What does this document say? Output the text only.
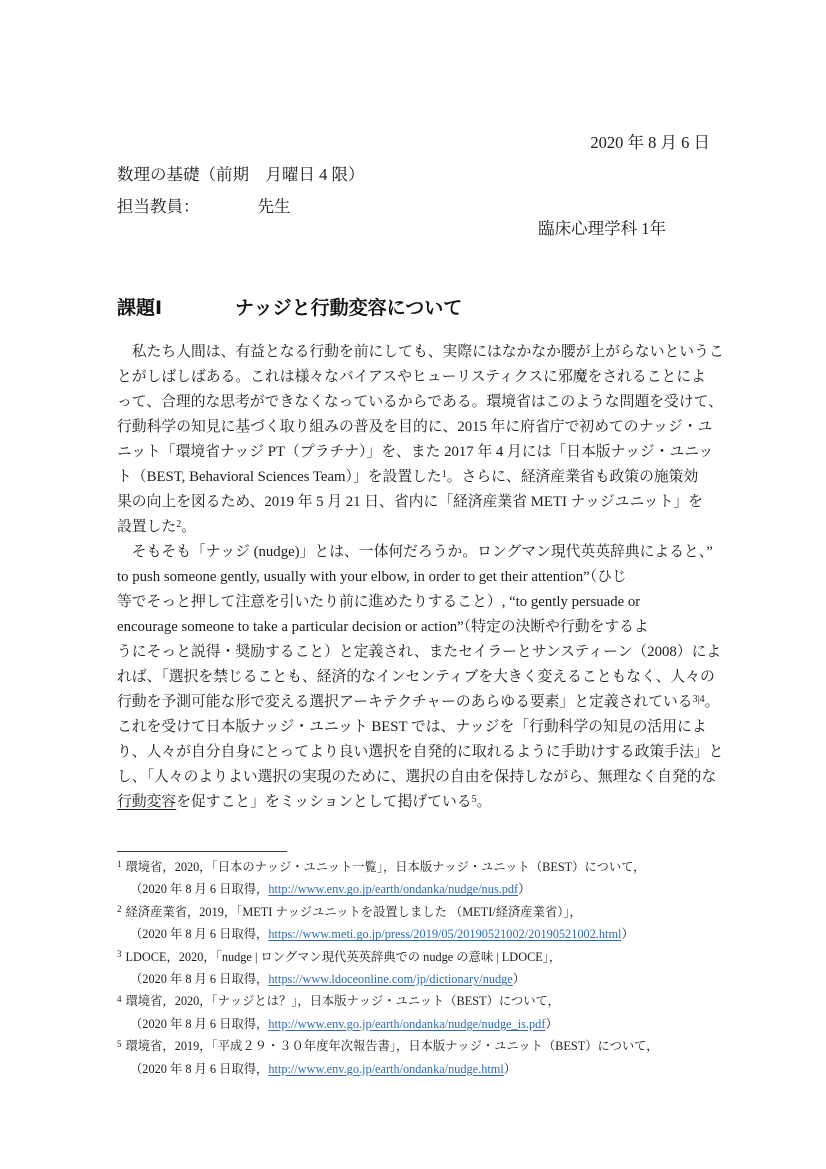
2020 年 8 月 6 日
数理の基礎（前期　月曜日 4 限）
担当教員：	先生
臨床心理学科 1年
課題Ⅰ	ナッジと行動変容について
　私たち人間は、有益となる行動を前にしても、実際にはなかなか腰が上がらないというこ
とがしばしばある。これは様々なバイアスやヒューリスティクスに邪魔をされることによ
って、合理的な思考ができなくなっているからである。環境省はこのような問題を受けて、
行動科学の知見に基づく取り組みの普及を目的に、2015 年に府省庁で初めてのナッジ・ユ
ニット「環境省ナッジ PT（プラチナ）」を、また 2017 年 4 月には「日本版ナッジ・ユニッ
ト（BEST, Behavioral Sciences Team）」を設置した$^1$。さらに、経済産業省も政策の施策効
果の向上を図るため、2019 年 5 月 21 日、省内に「経済産業省 METI ナッジユニット」を
設置した$^2$。
　そもそも「ナッジ (nudge)」とは、一体何だろうか。ロングマン現代英英辞典によると、”
to push someone gently, usually with your elbow, in order to get their attention”（ひじ
等でそっと押して注意を引いたり前に進めたりすること）, “to gently persuade or
encourage someone to take a particular decision or action”（特定の決断や行動をするよ
うにそっと説得・奨励すること）と定義され、またセイラーとサンスティーン（2008）によ
れば、「選択を禁じることも、経済的なインセンティブを大きく変えることもなく、人々の
行動を予測可能な形で変える選択アーキテクチャーのあらゆる要素」と定義されている$^{3|4}$。
これを受けて日本版ナッジ・ユニット BEST では、ナッジを「行動科学の知見の活用によ
り、人々が自分自身にとってより良い選択を自発的に取れるように手助けする政策手法」と
し、「人々のよりよい選択の実現のために、選択の自由を保持しながら、無理なく自発的な
行動変容を促すこと」をミッションとして掲げている$^5$。
$^1$ 環境省，2020，「日本のナッジ・ユニット一覧」，日本版ナッジ・ユニット（BEST）について，
（2020 年 8 月 6 日取得，http://www.env.go.jp/earth/ondanka/nudge/nus.pdf）
$^2$ 経済産業省，2019，「METI ナッジユニットを設置しました （METI/経済産業省）」，
（2020 年 8 月 6 日取得，https://www.meti.go.jp/press/2019/05/20190521002/20190521002.html）
$^3$ LDOCE，2020，「nudge | ロングマン現代英英辞典での nudge の意味 | LDOCE」，
（2020 年 8 月 6 日取得，https://www.ldoceonline.com/jp/dictionary/nudge）
$^4$ 環境省，2020，「ナッジとは？」，日本版ナッジ・ユニット（BEST）について，
（2020 年 8 月 6 日取得，http://www.env.go.jp/earth/ondanka/nudge/nudge_is.pdf）
$^5$ 環境省，2019，「平成２９・３０年度年次報告書」，日本版ナッジ・ユニット（BEST）について，
（2020 年 8 月 6 日取得，http://www.env.go.jp/earth/ondanka/nudge.html）
